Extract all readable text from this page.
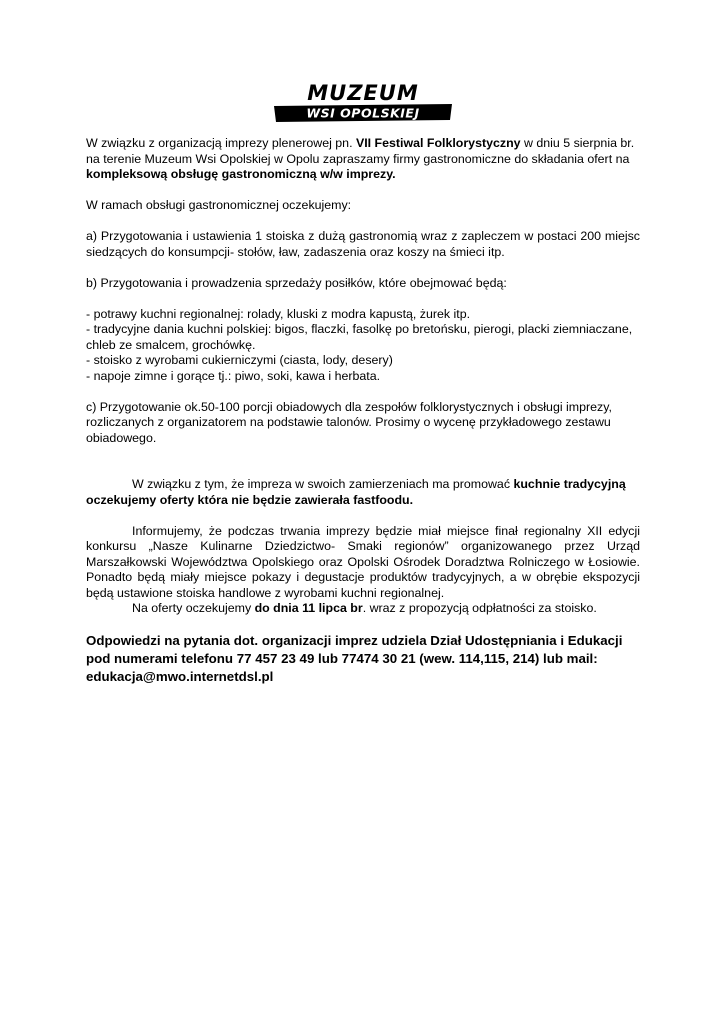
MUZEUM
WSI OPOLSKIEJ

W związku z organizacją imprezy plenerowej pn. VII Festiwal Folklorystyczny w dniu 5 sierpnia br. na terenie Muzeum Wsi Opolskiej w Opolu zapraszamy firmy gastronomiczne do składania ofert na kompleksową obsługę gastronomiczną w/w imprezy.

W ramach obsługi gastronomicznej oczekujemy:

a) Przygotowania i ustawienia 1 stoiska z dużą gastronomią wraz z zapleczem w postaci 200 miejsc siedzących do konsumpcji- stołów, ław, zadaszenia oraz koszy na śmieci itp.

b) Przygotowania i prowadzenia sprzedaży posiłków, które obejmować będą:

- potrawy kuchni regionalnej: rolady, kluski z modra kapustą, żurek itp.

- tradycyjne dania kuchni polskiej: bigos, flaczki, fasolkę po bretońsku, pierogi, placki ziemniaczane, chleb ze smalcem, grochówkę.

- stoisko z wyrobami cukierniczymi (ciasta, lody, desery)

- napoje zimne i gorące tj.: piwo, soki, kawa i herbata.

c) Przygotowanie ok.50-100 porcji obiadowych dla zespołów folklorystycznych i obsługi imprezy, rozliczanych z organizatorem na podstawie talonów. Prosimy o wycenę przykładowego zestawu obiadowego.

W związku z tym, że impreza w swoich zamierzeniach ma promować kuchnie tradycyjną oczekujemy oferty która nie będzie zawierała fastfoodu.

Informujemy, że podczas trwania imprezy będzie miał miejsce finał regionalny XII edycji konkursu „Nasze Kulinarne Dziedzictwo- Smaki regionów” organizowanego przez Urząd Marszałkowski Województwa Opolskiego oraz Opolski Ośrodek Doradztwa Rolniczego w Łosiowie. Ponadto będą miały miejsce pokazy i degustacje produktów tradycyjnych, a w obrębie ekspozycji będą ustawione stoiska handlowe z wyrobami kuchni regionalnej.

Na oferty oczekujemy do dnia 11 lipca br. wraz z propozycją odpłatności za stoisko.

Odpowiedzi na pytania dot. organizacji imprez udziela Dział Udostępniania i Edukacji pod numerami telefonu 77 457 23 49 lub 77474 30 21 (wew. 114,115, 214) lub mail: edukacja@mwo.internetdsl.pl
